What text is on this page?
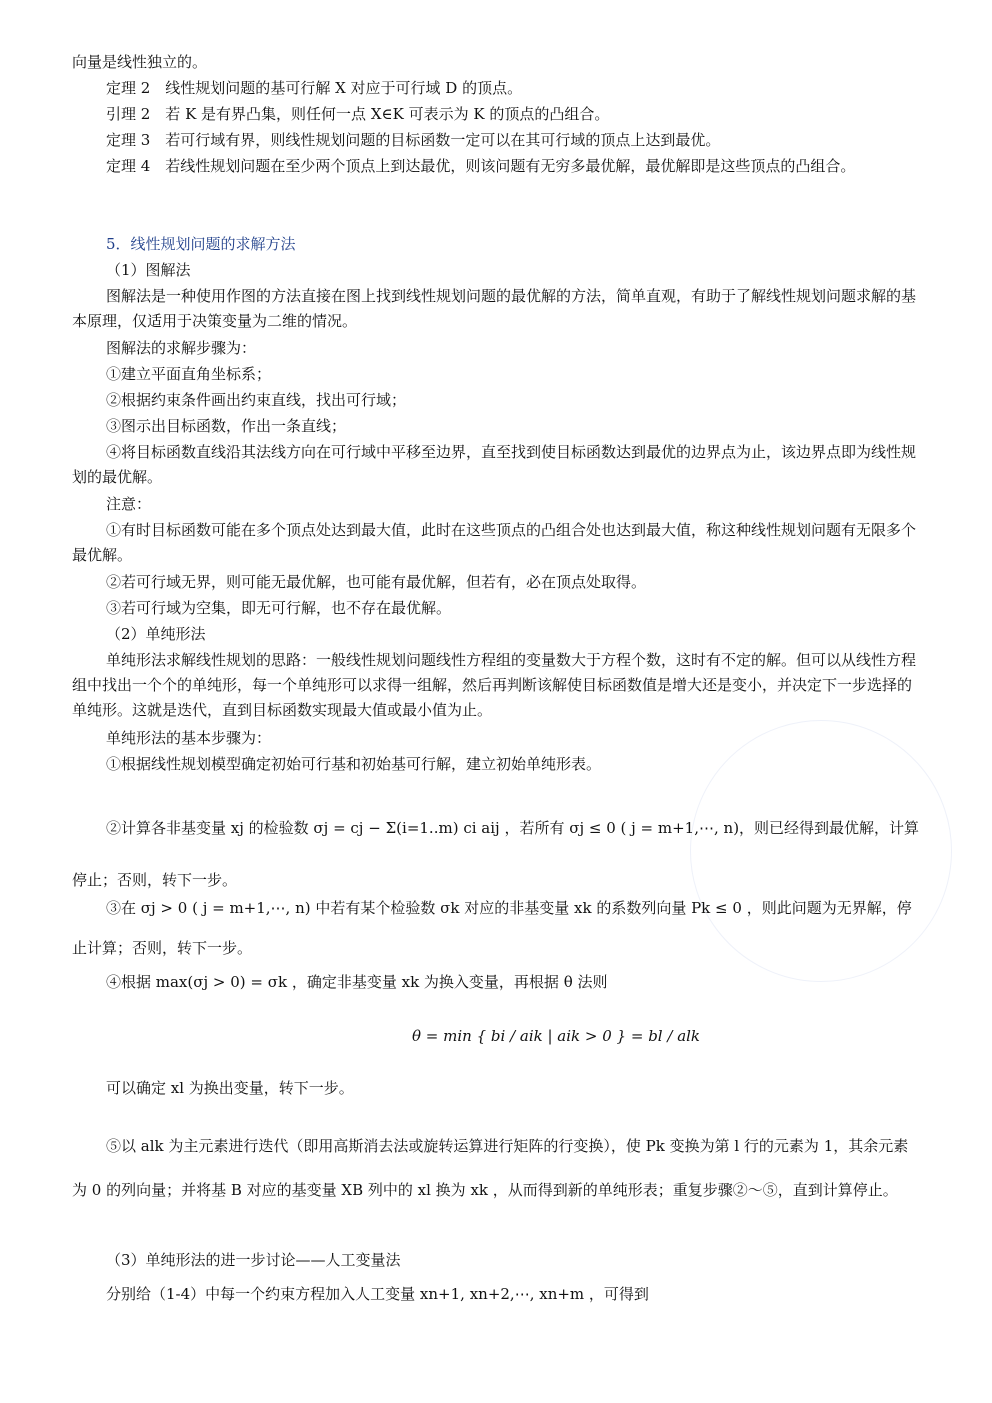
向量是线性独立的。

定理 2　线性规划问题的基可行解 X 对应于可行域 D 的顶点。

引理 2　若 K 是有界凸集，则任何一点 X∈K 可表示为 K 的顶点的凸组合。

定理 3　若可行域有界，则线性规划问题的目标函数一定可以在其可行域的顶点上达到最优。

定理 4　若线性规划问题在至少两个顶点上到达最优，则该问题有无穷多最优解，最优解即是这些顶点的凸组合。

5．线性规划问题的求解方法

（1）图解法

图解法是一种使用作图的方法直接在图上找到线性规划问题的最优解的方法，简单直观，有助于了解线性规划问题求解的基本原理，仅适用于决策变量为二维的情况。

图解法的求解步骤为：

①建立平面直角坐标系；

②根据约束条件画出约束直线，找出可行域；

③图示出目标函数，作出一条直线；

④将目标函数直线沿其法线方向在可行域中平移至边界，直至找到使目标函数达到最优的边界点为止，该边界点即为线性规划的最优解。

注意：

①有时目标函数可能在多个顶点处达到最大值，此时在这些顶点的凸组合处也达到最大值，称这种线性规划问题有无限多个最优解。

②若可行域无界，则可能无最优解，也可能有最优解，但若有，必在顶点处取得。

③若可行域为空集，即无可行解，也不存在最优解。

（2）单纯形法

单纯形法求解线性规划的思路：一般线性规划问题线性方程组的变量数大于方程个数，这时有不定的解。但可以从线性方程组中找出一个个的单纯形，每一个单纯形可以求得一组解，然后再判断该解使目标函数值是增大还是变小，并决定下一步选择的单纯形。这就是迭代，直到目标函数实现最大值或最小值为止。

单纯形法的基本步骤为：

①根据线性规划模型确定初始可行基和初始基可行解，建立初始单纯形表。

②计算各非基变量 xj 的检验数 σj = cj − Σ(i=1..m) ci aij ，若所有 σj ≤ 0 ( j = m+1,⋯, n)，则已经得到最优解，计算停止；否则，转下一步。

③在 σj > 0 ( j = m+1,⋯, n) 中若有某个检验数 σk 对应的非基变量 xk 的系数列向量 Pk ≤ 0 ，则此问题为无界解，停止计算；否则，转下一步。

④根据 max(σj > 0) = σk ，确定非基变量 xk 为换入变量，再根据 θ 法则

θ = min { bi / aik | aik > 0 } = bl / alk

可以确定 xl 为换出变量，转下一步。

⑤以 alk 为主元素进行迭代（即用高斯消去法或旋转运算进行矩阵的行变换），使 Pk 变换为第 l 行的元素为 1，其余元素为 0 的列向量；并将基 B 对应的基变量 XB 列中的 xl 换为 xk ，从而得到新的单纯形表；重复步骤②～⑤，直到计算停止。

（3）单纯形法的进一步讨论——人工变量法

分别给（1-4）中每一个约束方程加入人工变量 xn+1, xn+2,⋯, xn+m ，可得到
